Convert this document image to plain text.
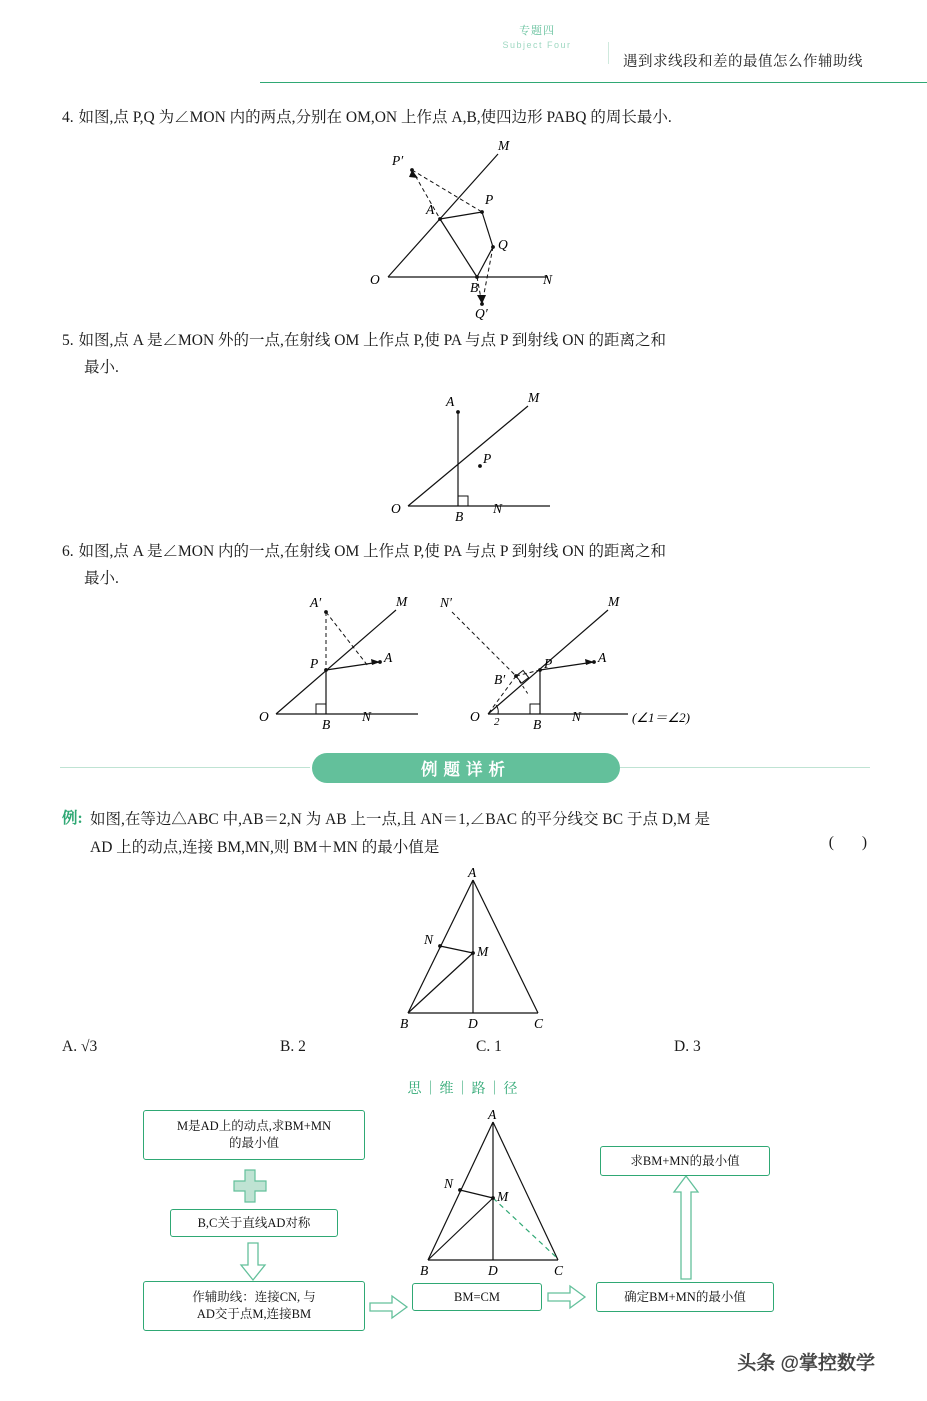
专题四
Subject Four
遇到求线段和差的最值怎么作辅助线
4. 如图,点 P,Q 为∠MON 内的两点,分别在 OM,ON 上作点 A,B,使四边形 PABQ 的周长最小.
P′
M
P
A
Q
O
B
N
Q′
5. 如图,点 A 是∠MON 外的一点,在射线 OM 上作点 P,使 PA 与点 P 到射线 ON 的距离之和
最小.
A	M
P
O
B
N
6. 如图,点 A 是∠MON 内的一点,在射线 OM 上作点 P,使 PA 与点 P 到射线 ON 的距离之和
最小.
A′	M
P	A
O
B
N
N′	M
A
B′
P
O 2 B
N	(∠1＝∠2)
例题详析
例: 如图,在等边△ABC 中,AB＝2,N 为 AB 上一点,且 AN＝1,∠BAC 的平分线交 BC 于点 D,M 是
AD 上的动点,连接 BM,MN,则 BM＋MN 的最小值是	( )
A
N
M
B	D	C
A. √3	B. 2	C. 1	D. 3
思｜维｜路｜径
A
N
M
B	D	C
M是AD上的动点,求BM+MN
的最小值
B,C关于直线AD对称
作辅助线：连接CN, 与
AD交于点M,连接BM
BM=CM	确定BM+MN的最小值
求BM+MN的最小值
头条 @掌控数学
